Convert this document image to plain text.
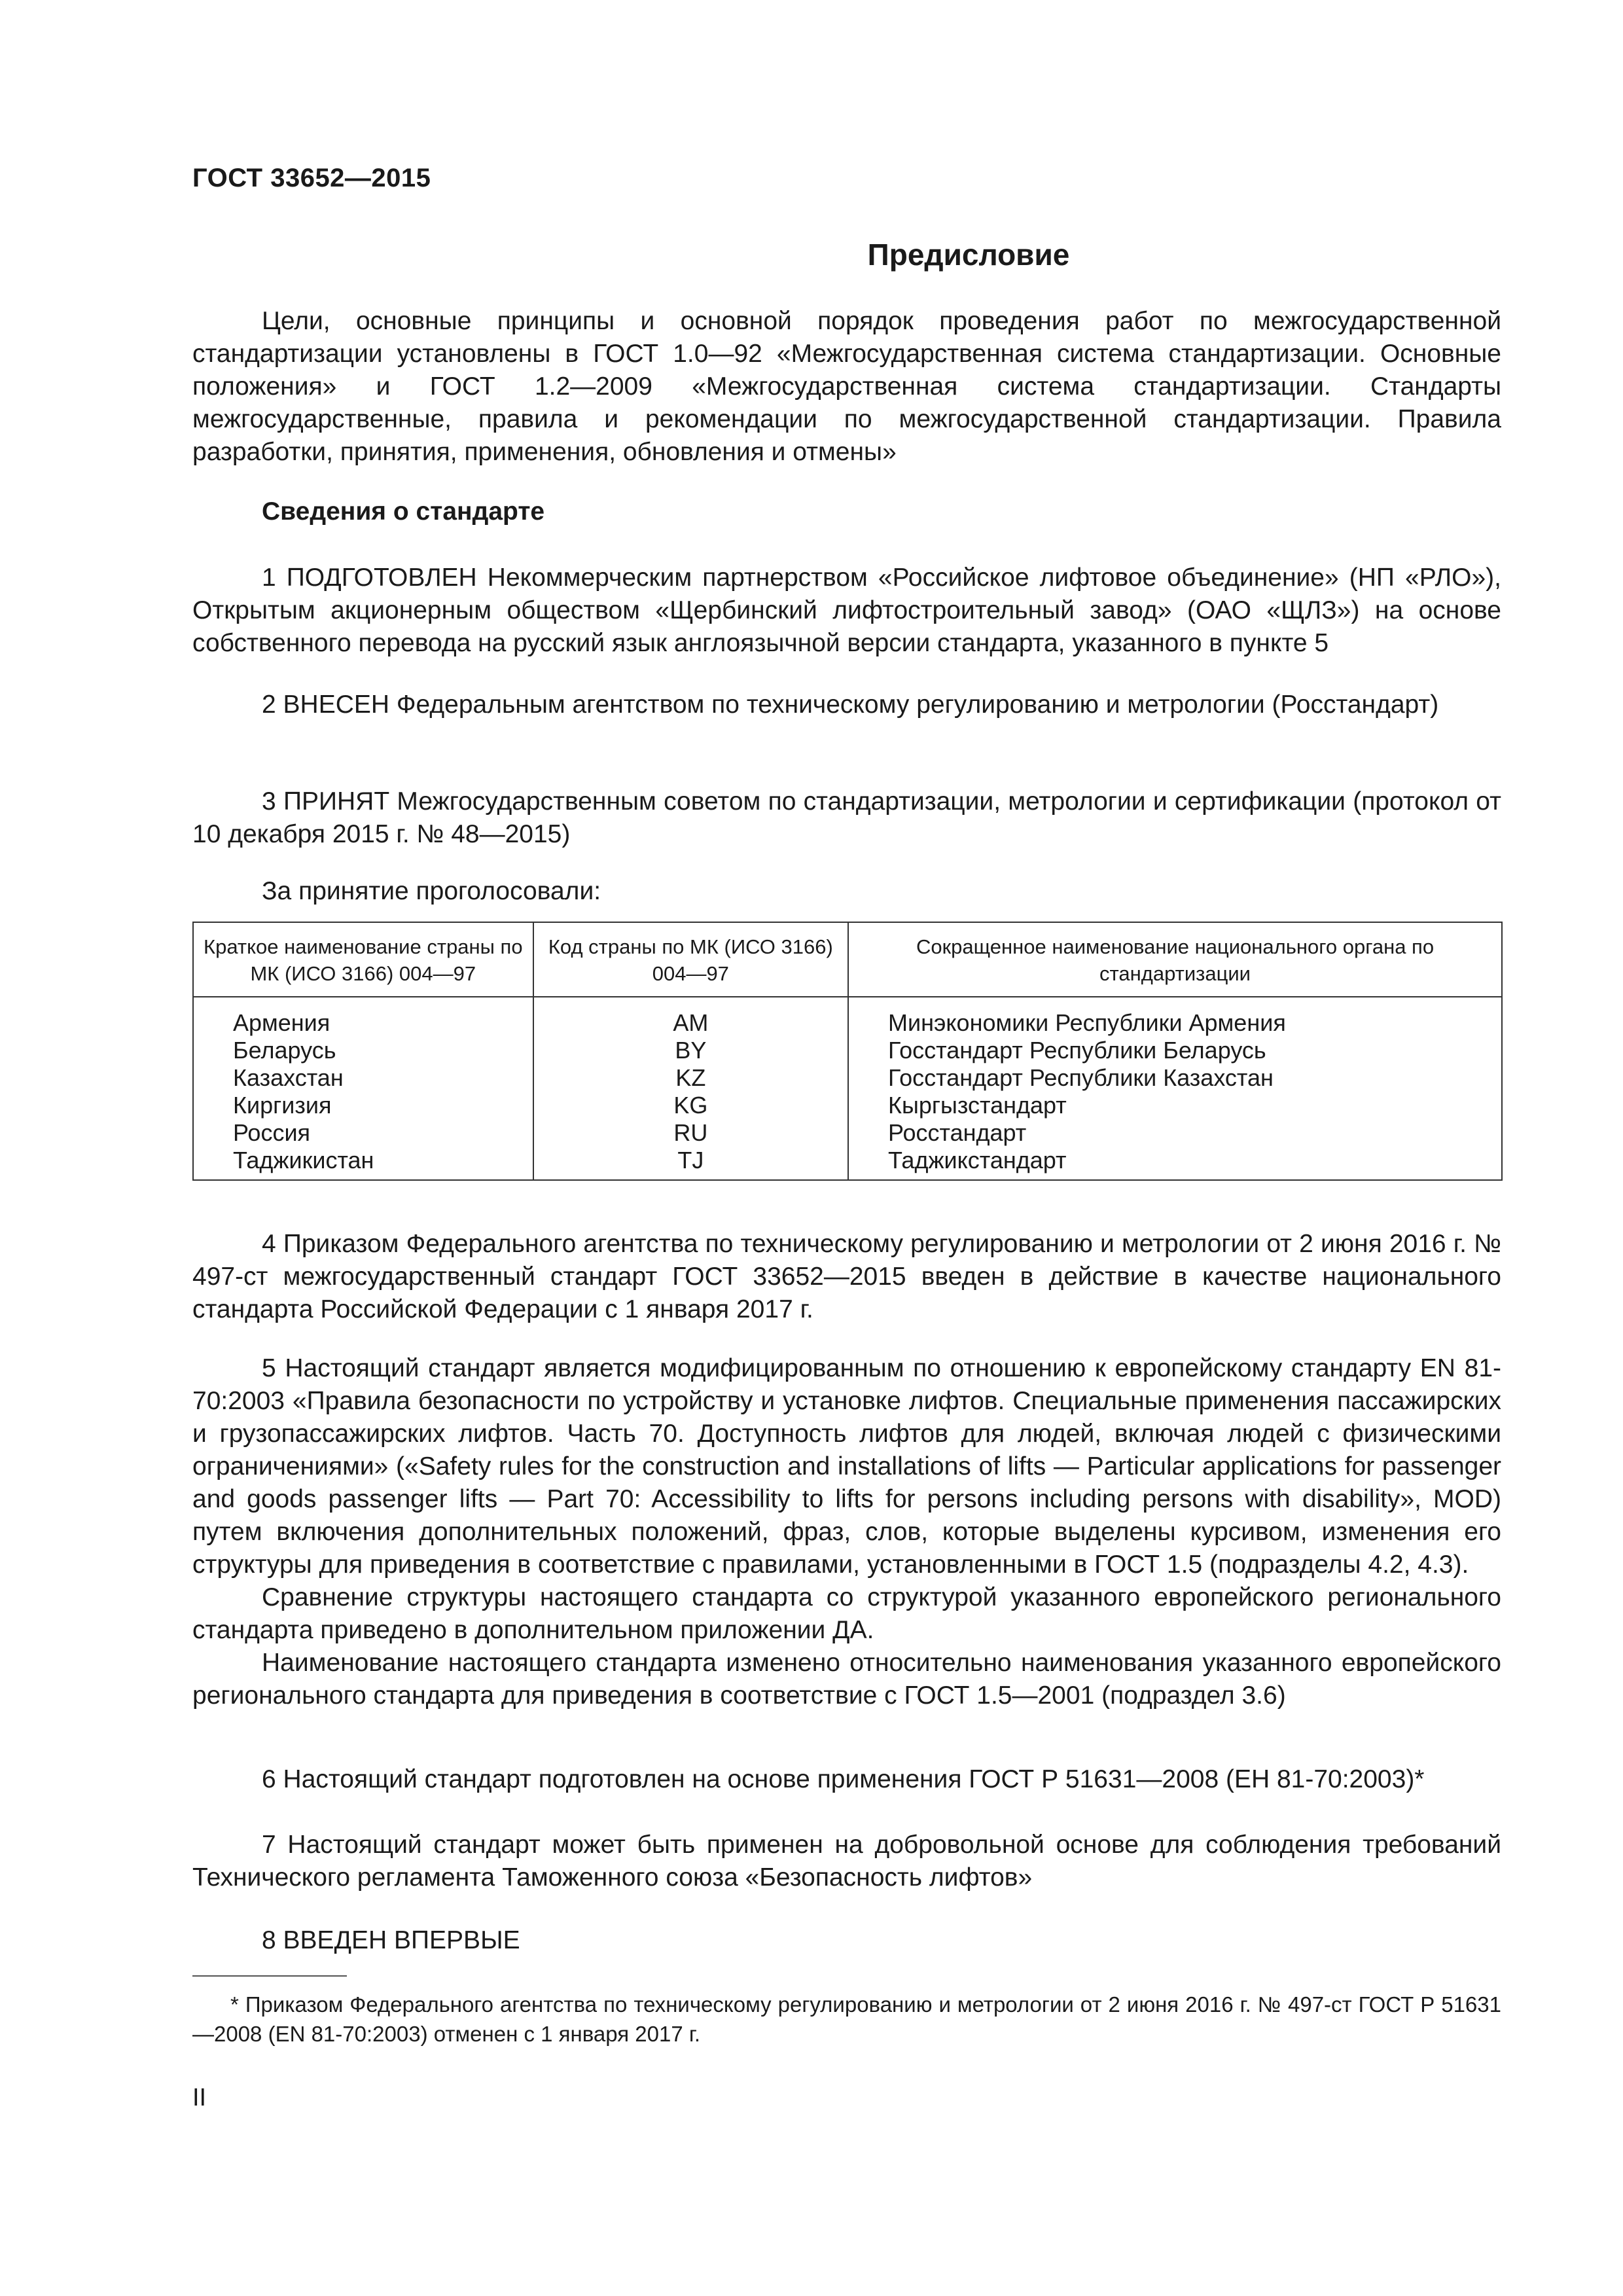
ГОСТ 33652—2015
Предисловие

Цели, основные принципы и основной порядок проведения работ по межгосударственной стандартизации установлены в ГОСТ 1.0—92 «Межгосударственная система стандартизации. Основные положения» и ГОСТ 1.2—2009 «Межгосударственная система стандартизации. Стандарты межгосударственные, правила и рекомендации по межгосударственной стандартизации. Правила разработки, принятия, применения, обновления и отмены»

Сведения о стандарте

1 ПОДГОТОВЛЕН Некоммерческим партнерством «Российское лифтовое объединение» (НП «РЛО»), Открытым акционерным обществом «Щербинский лифтостроительный завод» (ОАО «ЩЛЗ») на основе собственного перевода на русский язык англоязычной версии стандарта, указанного в пункте 5

2 ВНЕСЕН Федеральным агентством по техническому регулированию и метрологии (Росстандарт)

3 ПРИНЯТ Межгосударственным советом по стандартизации, метрологии и сертификации (протокол от 10 декабря 2015 г. № 48—2015)

За принятие проголосовали:
Краткое наименование страны по МК (ИСО 3166) 004—97	Код страны по МК (ИСО 3166) 004—97	Сокращенное наименование национального органа по стандартизации
Армения	AM	Минэкономики Республики Армения
Беларусь	BY	Госстандарт Республики Беларусь
Казахстан	KZ	Госстандарт Республики Казахстан
Киргизия	KG	Кыргызстандарт
Россия	RU	Росстандарт
Таджикистан	TJ	Таджикстандарт

4 Приказом Федерального агентства по техническому регулированию и метрологии от 2 июня 2016 г. № 497-ст межгосударственный стандарт ГОСТ 33652—2015 введен в действие в качестве национального стандарта Российской Федерации с 1 января 2017 г.

5 Настоящий стандарт является модифицированным по отношению к европейскому стандарту EN 81-70:2003 «Правила безопасности по устройству и установке лифтов. Специальные применения пассажирских и грузопассажирских лифтов. Часть 70. Доступность лифтов для людей, включая людей с физическими ограничениями» («Safety rules for the construction and installations of lifts — Particular applications for passenger and goods passenger lifts — Part 70: Accessibility to lifts for persons including persons with disability», MOD) путем включения дополнительных положений, фраз, слов, которые выделены курсивом, изменения его структуры для приведения в соответствие с правилами, установленными в ГОСТ 1.5 (подразделы 4.2, 4.3).

Сравнение структуры настоящего стандарта со структурой указанного европейского регионального стандарта приведено в дополнительном приложении ДА.

Наименование настоящего стандарта изменено относительно наименования указанного европейского регионального стандарта для приведения в соответствие с ГОСТ 1.5—2001 (подраздел 3.6)

6 Настоящий стандарт подготовлен на основе применения ГОСТ Р 51631—2008 (ЕН 81-70:2003)*

7 Настоящий стандарт может быть применен на добровольной основе для соблюдения требований Технического регламента Таможенного союза «Безопасность лифтов»

8 ВВЕДЕН ВПЕРВЫЕ

* Приказом Федерального агентства по техническому регулированию и метрологии от 2 июня 2016 г. № 497-ст ГОСТ Р 51631—2008 (EN 81-70:2003) отменен с 1 января 2017 г.

II
